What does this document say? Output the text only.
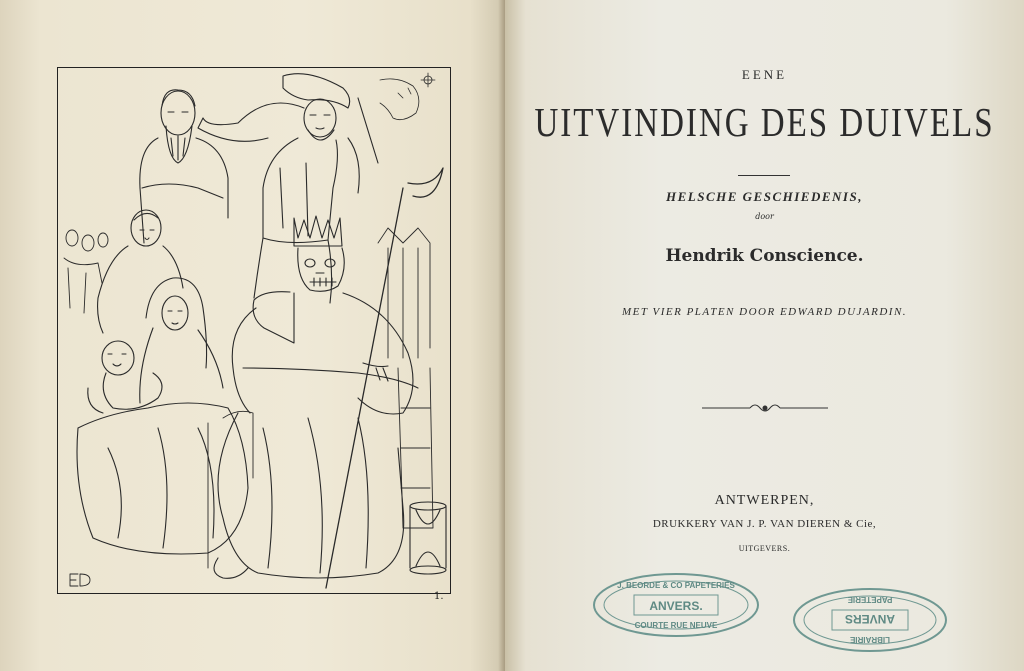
1.
EENE
UITVINDING DES DUIVELS
HELSCHE GESCHIEDENIS,
door
Hendrik Conscience.
MET VIER PLATEN DOOR EDWARD DUJARDIN.
ANTWERPEN,
DRUKKERY VAN J. P. VAN DIEREN & Cie,
UITGEVERS.
J. BEORDE & CO PAPETERIES
ANVERS.
COURTE RUE NEUVE
LIBRAIRIE
ANVERS
PAPETERIE
